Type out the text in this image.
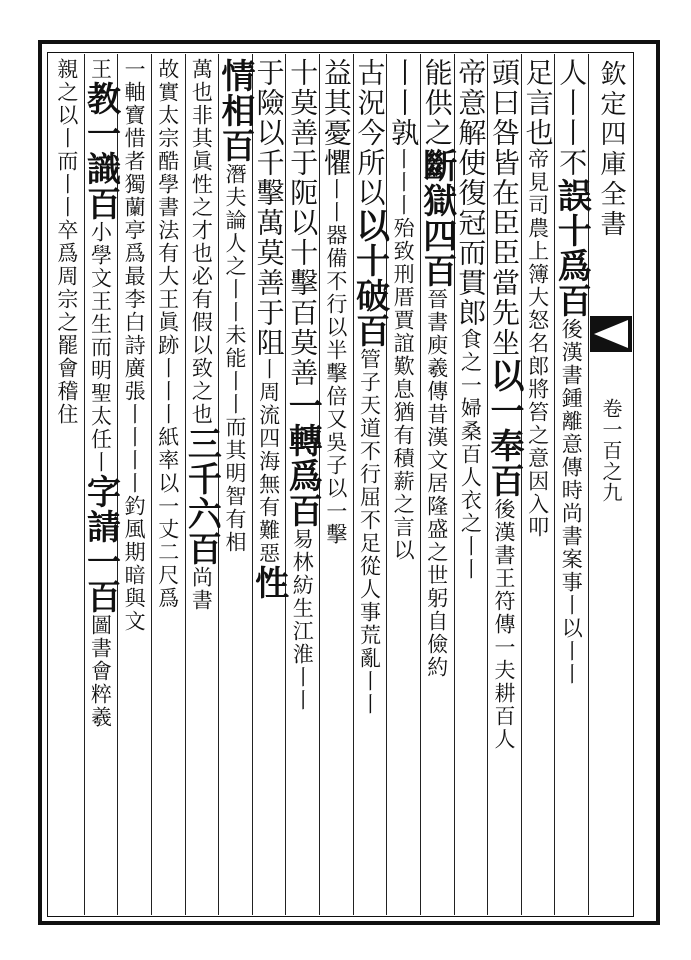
欽定四庫全書
卷一百之九
人丨丨不誤十爲百後漢書鍾離意傳時尚書案事丨以丨丨
足言也帝見司農上簿大怒名郎將笞之意因入叩
頭曰咎皆在臣臣當先坐以一奉百後漢書王符傳一夫耕百人
帝意解使復冠而貫郎食之一婦桑百人衣之丨丨
能供之斷獄四百晉書庾羲傳昔漢文居隆盛之世躬自儉約
丨丨孰丨丨丨殆致刑厝賈誼歎息猶有積薪之言以
古況今所以以十破百管子天道不行屈不足從人事荒亂丨丨
益其憂懼丨丨器備不行以半擊倍又吳子以一擊
十莫善于阨以十擊百莫善一轉爲百易林紡生江淮丨丨
于險以千擊萬莫善于阻丨周流四海無有難惡性
情相百潛夫論人之丨丨未能丨丨而其明智有相
萬也非其眞性之才也必有假以致之也三千六百尚書
故實太宗酷學書法有大王眞跡丨丨丨紙率以一丈二尺爲
一軸寶惜者獨蘭亭爲最李白詩廣張丨丨丨丨釣風期暗與文
王教一識百小學文王生而明聖太任丨字請一百圖書會粹羲
親之以丨而丨丨卒爲周宗之罷會稽住
